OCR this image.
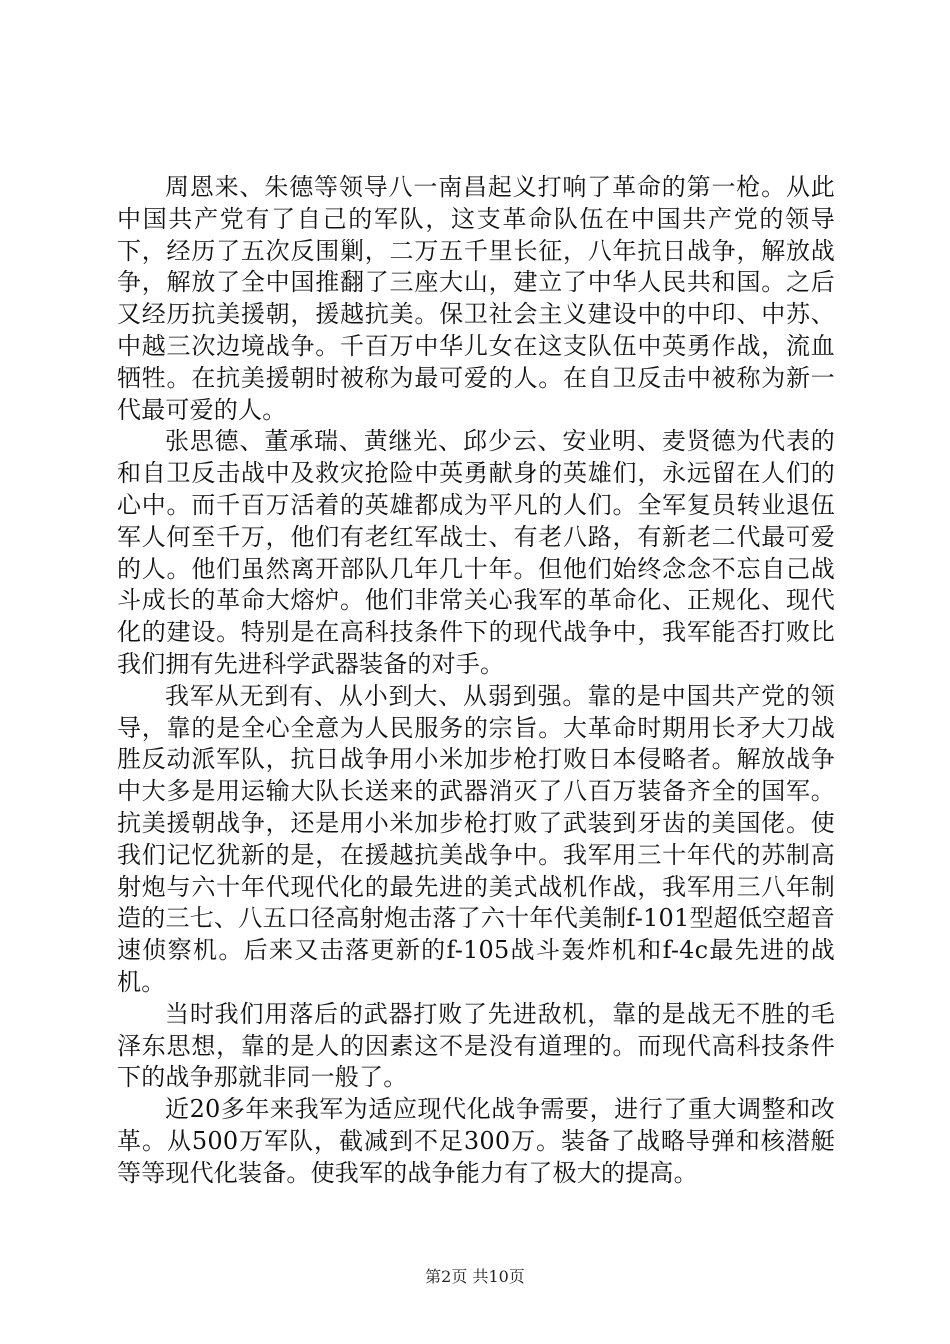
周恩来、朱德等领导八一南昌起义打响了革命的第一枪。从此中国共产党有了自己的军队，这支革命队伍在中国共产党的领导下，经历了五次反围剿，二万五千里长征，八年抗日战争，解放战争，解放了全中国推翻了三座大山，建立了中华人民共和国。之后又经历抗美援朝，援越抗美。保卫社会主义建设中的中印、中苏、中越三次边境战争。千百万中华儿女在这支队伍中英勇作战，流血牺牲。在抗美援朝时被称为最可爱的人。在自卫反击中被称为新一代最可爱的人。

张思德、董承瑞、黄继光、邱少云、安业明、麦贤德为代表的和自卫反击战中及救灾抢险中英勇献身的英雄们，永远留在人们的心中。而千百万活着的英雄都成为平凡的人们。全军复员转业退伍军人何至千万，他们有老红军战士、有老八路，有新老二代最可爱的人。他们虽然离开部队几年几十年。但他们始终念念不忘自己战斗成长的革命大熔炉。他们非常关心我军的革命化、正规化、现代化的建设。特别是在高科技条件下的现代战争中，我军能否打败比我们拥有先进科学武器装备的对手。

我军从无到有、从小到大、从弱到强。靠的是中国共产党的领导，靠的是全心全意为人民服务的宗旨。大革命时期用长矛大刀战胜反动派军队，抗日战争用小米加步枪打败日本侵略者。解放战争中大多是用运输大队长送来的武器消灭了八百万装备齐全的国军。抗美援朝战争，还是用小米加步枪打败了武装到牙齿的美国佬。使我们记忆犹新的是，在援越抗美战争中。我军用三十年代的苏制高射炮与六十年代现代化的最先进的美式战机作战，我军用三八年制造的三七、八五口径高射炮击落了六十年代美制f-101型超低空超音速侦察机。后来又击落更新的f-105战斗轰炸机和f-4c最先进的战机。

当时我们用落后的武器打败了先进敌机，靠的是战无不胜的毛泽东思想，靠的是人的因素这不是没有道理的。而现代高科技条件下的战争那就非同一般了。

近20多年来我军为适应现代化战争需要，进行了重大调整和改革。从500万军队，截减到不足300万。装备了战略导弹和核潜艇等等现代化装备。使我军的战争能力有了极大的提高。

第2页 共10页
